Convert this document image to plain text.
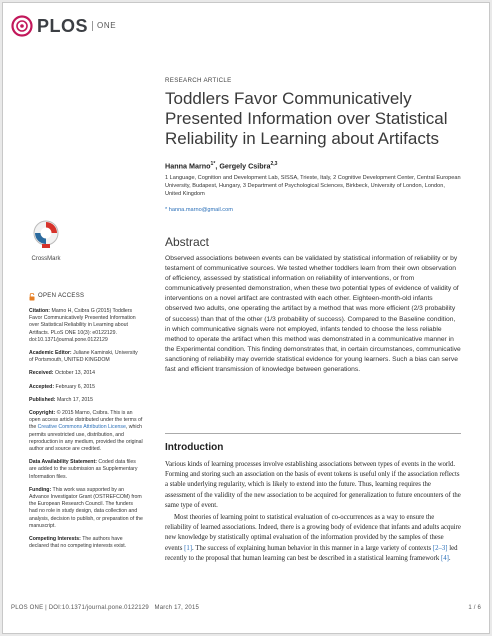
PLOS	ONE
CrossMark
OPEN ACCESS

Citation: Marno H, Csibra G (2015) Toddlers Favor Communicatively Presented Information over Statistical Reliability in Learning about Artifacts. PLoS ONE 10(3): e0122129. doi:10.1371/journal.pone.0122129

Academic Editor: Juliane Kaminski, University of Portsmouth, UNITED KINGDOM

Received: October 13, 2014

Accepted: February 6, 2015

Published: March 17, 2015

Copyright: © 2015 Marno, Csibra. This is an open access article distributed under the terms of the Creative Commons Attribution License, which permits unrestricted use, distribution, and reproduction in any medium, provided the original author and source are credited.

Data Availability Statement: Coded data files are added to the submission as Supplementary Information files.

Funding: This work was supported by an Advance Investigator Grant (OSTREFCOM) from the European Research Council. The funders had no role in study design, data collection and analysis, decision to publish, or preparation of the manuscript.

Competing Interests: The authors have declared that no competing interests exist.

RESEARCH ARTICLE
Toddlers Favor Communicatively Presented Information over Statistical Reliability in Learning about Artifacts
Hanna Marno$^{1*}$, Gergely Csibra$^{2,3}$
1 Language, Cognition and Development Lab, SISSA, Trieste, Italy, 2 Cognitive Development Center, Central European University, Budapest, Hungary, 3 Department of Psychological Sciences, Birkbeck, University of London, London, United Kingdom
* hanna.marno@gmail.com
Abstract
Observed associations between events can be validated by statistical information of reliability or by testament of communicative sources. We tested whether toddlers learn from their own observation of efficiency, assessed by statistical information on reliability of interventions, or from communicatively presented demonstration, when these two potential types of evidence of validity of interventions on a novel artifact are contrasted with each other. Eighteen-month-old infants observed two adults, one operating the artifact by a method that was more efficient (2/3 probability of success) than that of the other (1/3 probability of success). Compared to the Baseline condition, in which communicative signals were not employed, infants tended to choose the less reliable method to operate the artifact when this method was demonstrated in a communicative manner in the Experimental condition. This finding demonstrates that, in certain circumstances, communicative sanctioning of reliability may override statistical evidence for young learners. Such a bias can serve fast and efficient transmission of knowledge between generations.
Introduction

Various kinds of learning processes involve establishing associations between types of events in the world. Forming and storing such an association on the basis of event tokens is useful only if the association reflects a stable underlying regularity, which is likely to extend into the future. Thus, learning requires the assessment of the validity of the new association to be acquired for generalization to future encounters of the same type of event.

Most theories of learning point to statistical evaluation of co-occurrences as a way to ensure the reliability of learned associations. Indeed, there is a growing body of evidence that infants and adults acquire new knowledge by statistically optimal evaluation of the information provided by the samples of these events [1]. The success of explaining human behavior in this manner in a large variety of contexts [2–3] led recently to the proposal that human learning can best be described in a statistical learning framework [4].

PLOS ONE | DOI:10.1371/journal.pone.0122129 March 17, 2015	1 / 6
